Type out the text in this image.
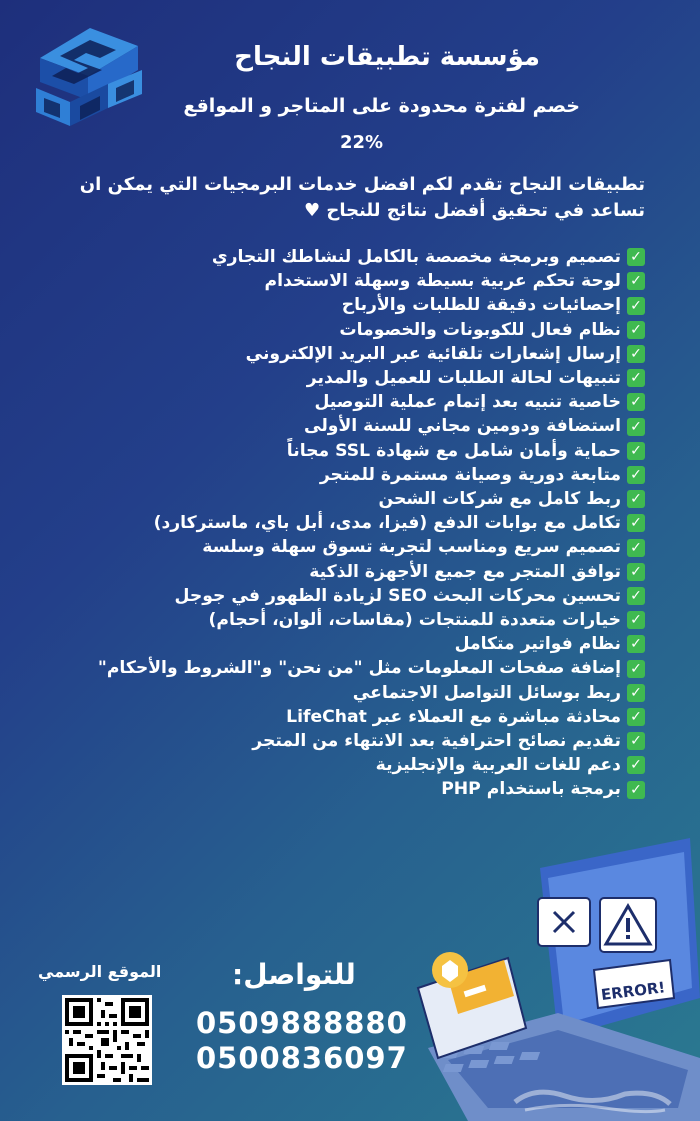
مؤسسة تطبيقات النجاح
خصم لفترة محدودة على المتاجر و المواقع
22%
تطبيقات النجاح تقدم لكم افضل خدمات البرمجيات التي يمكن ان تساعد في تحقيق أفضل نتائج للنجاح ♥
✓
تصميم وبرمجة مخصصة بالكامل لنشاطك التجاري
✓
لوحة تحكم عربية بسيطة وسهلة الاستخدام
✓
إحصائيات دقيقة للطلبات والأرباح
✓
نظام فعال للكوبونات والخصومات
✓
إرسال إشعارات تلقائية عبر البريد الإلكتروني
✓
تنبيهات لحالة الطلبات للعميل والمدير
✓
خاصية تنبيه بعد إتمام عملية التوصيل
✓
استضافة ودومين مجاني للسنة الأولى
✓
حماية وأمان شامل مع شهادة SSL مجاناً
✓
متابعة دورية وصيانة مستمرة للمتجر
✓
ربط كامل مع شركات الشحن
✓
تكامل مع بوابات الدفع (فيزا، مدى، أبل باي، ماستركارد)
✓
تصميم سريع ومناسب لتجربة تسوق سهلة وسلسة
✓
توافق المتجر مع جميع الأجهزة الذكية
✓
تحسين محركات البحث SEO لزيادة الظهور في جوجل
✓
خيارات متعددة للمنتجات (مقاسات، ألوان، أحجام)
✓
نظام فواتير متكامل
✓
إضافة صفحات المعلومات مثل "من نحن" و"الشروط والأحكام"
✓
ربط بوسائل التواصل الاجتماعي
✓
محادثة مباشرة مع العملاء عبر LifeChat
✓
تقديم نصائح احترافية بعد الانتهاء من المتجر
✓
دعم للغات العربية والإنجليزية
✓
برمجة باستخدام PHP
للتواصل:
الموقع الرسمي
0509888880
0500836097
ERROR!
